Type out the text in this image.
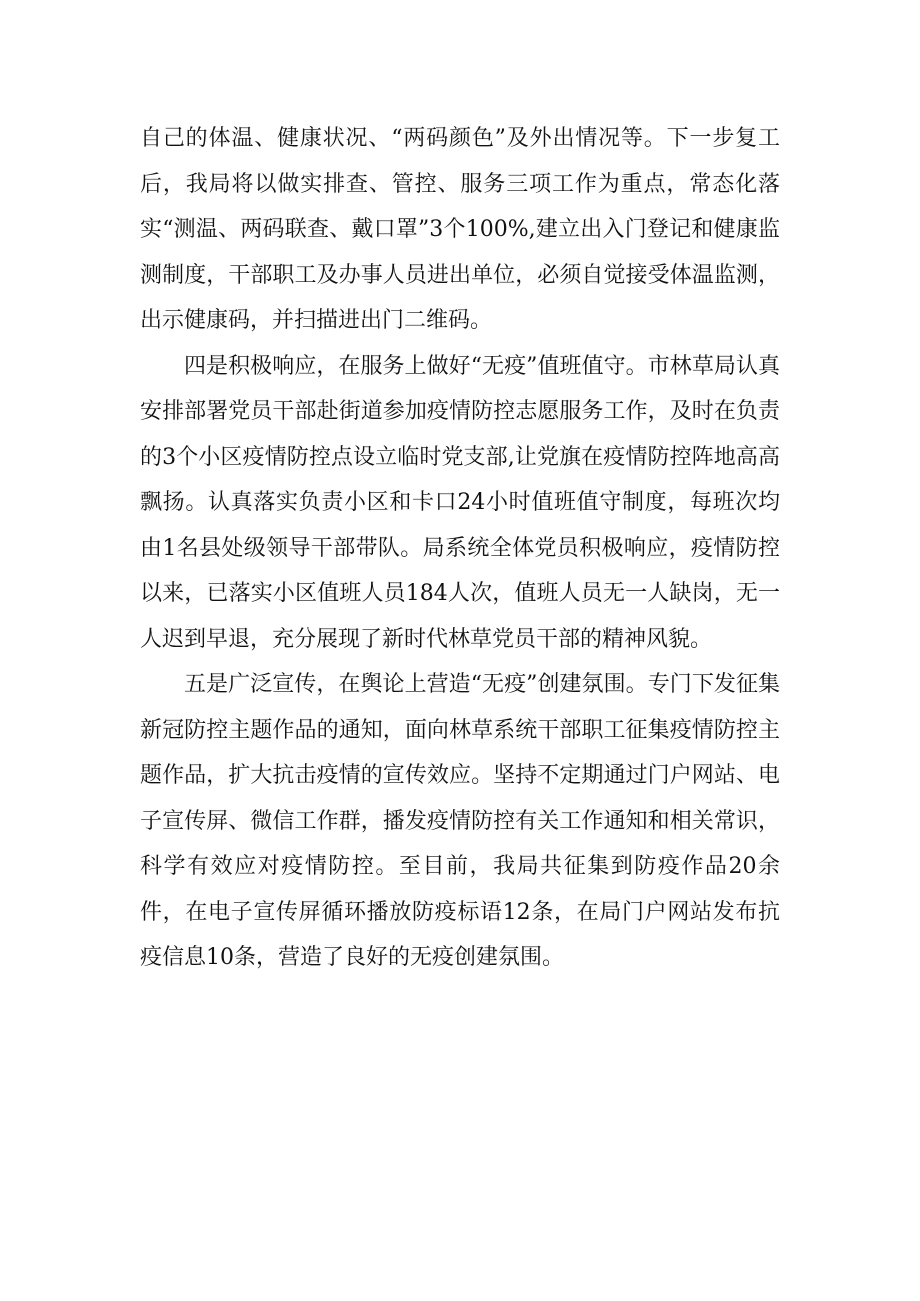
自己的体温、健康状况、“两码颜色”及外出情况等。下一步复工后，我局将以做实排查、管控、服务三项工作为重点，常态化落实“测温、两码联查、戴口罩”3个100%,建立出入门登记和健康监测制度，干部职工及办事人员进出单位，必须自觉接受体温监测，出示健康码，并扫描进出门二维码。

四是积极响应，在服务上做好“无疫”值班值守。市林草局认真安排部署党员干部赴街道参加疫情防控志愿服务工作，及时在负责的3个小区疫情防控点设立临时党支部,让党旗在疫情防控阵地高高飘扬。认真落实负责小区和卡口24小时值班值守制度，每班次均由1名县处级领导干部带队。局系统全体党员积极响应，疫情防控以来，已落实小区值班人员184人次，值班人员无一人缺岗，无一人迟到早退，充分展现了新时代林草党员干部的精神风貌。

五是广泛宣传，在舆论上营造“无疫”创建氛围。专门下发征集新冠防控主题作品的通知，面向林草系统干部职工征集疫情防控主题作品，扩大抗击疫情的宣传效应。坚持不定期通过门户网站、电子宣传屏、微信工作群，播发疫情防控有关工作通知和相关常识，科学有效应对疫情防控。至目前，我局共征集到防疫作品20余件，在电子宣传屏循环播放防疫标语12条，在局门户网站发布抗疫信息10条，营造了良好的无疫创建氛围。
